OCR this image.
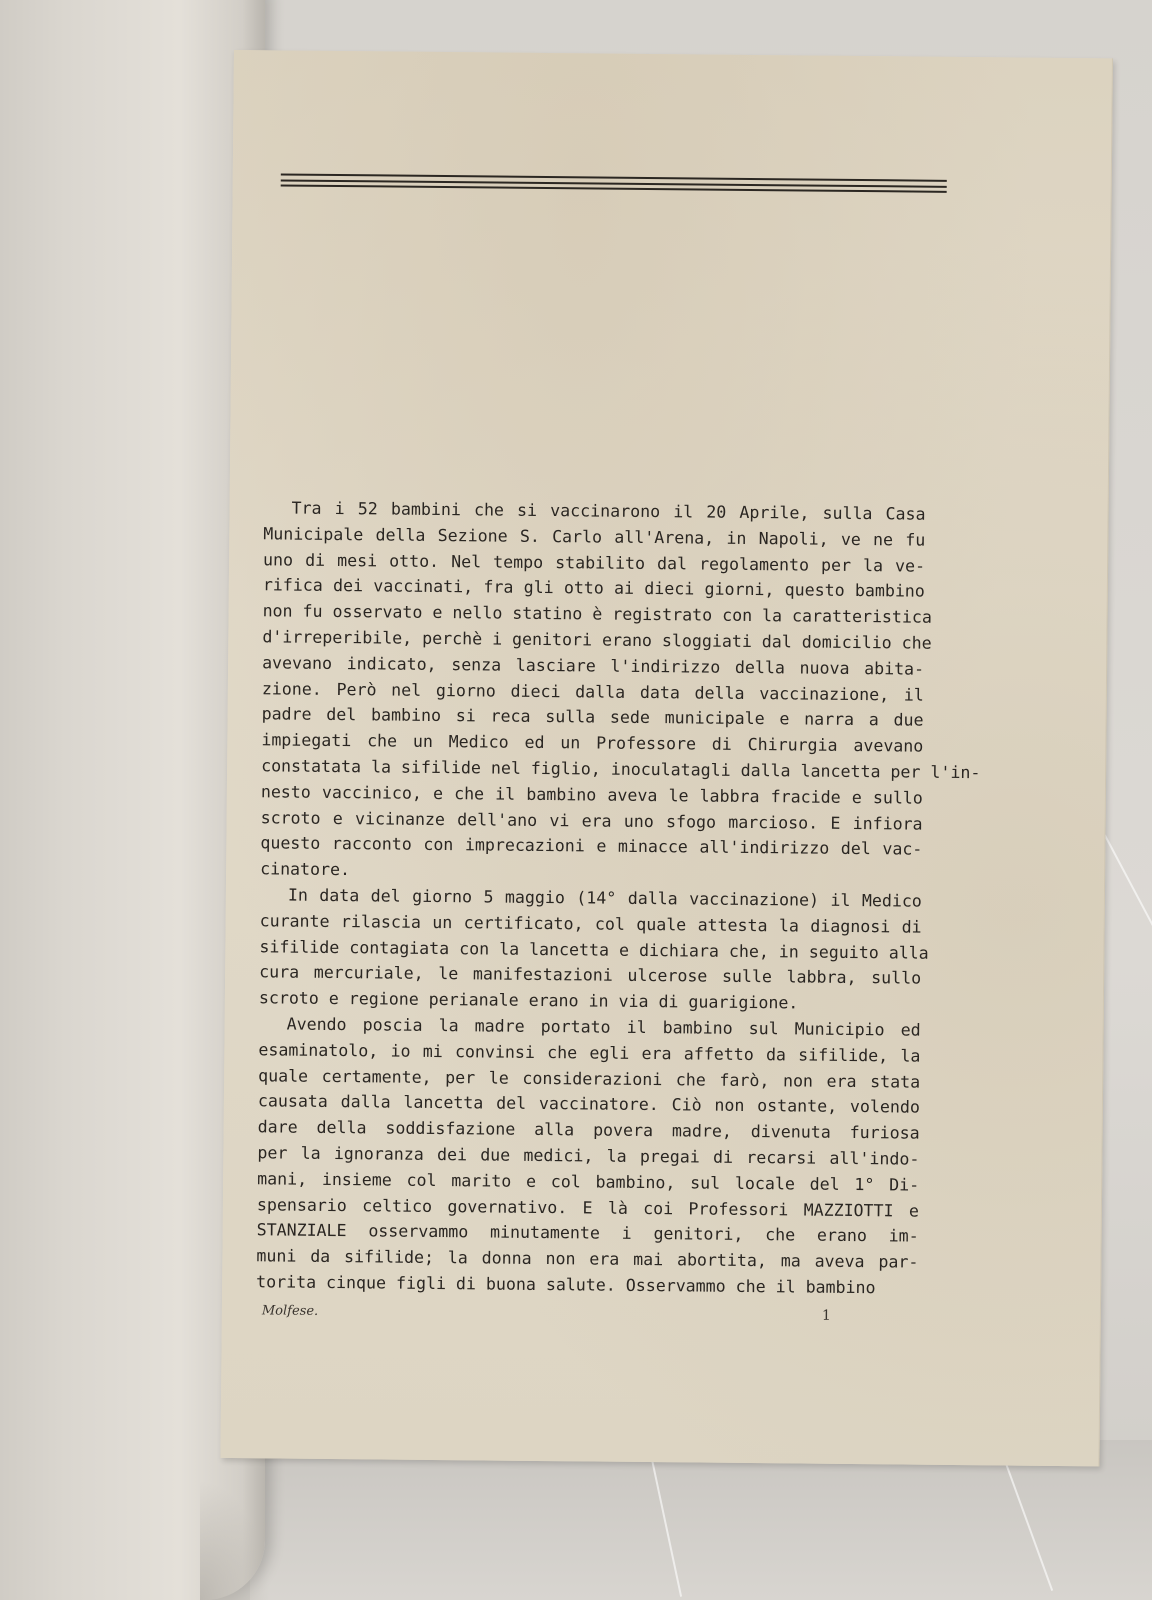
Tra i 52 bambini che si vaccinarono il 20 Aprile, sulla Casa
Municipale della Sezione S. Carlo all'Arena, in Napoli, ve ne fu
uno di mesi otto. Nel tempo stabilito dal regolamento per la ve-
rifica dei vaccinati, fra gli otto ai dieci giorni, questo bambino
non fu osservato e nello statino è registrato con la caratteristica
d'irreperibile, perchè i genitori erano sloggiati dal domicilio che
avevano indicato, senza lasciare l'indirizzo della nuova abita-
zione. Però nel giorno dieci dalla data della vaccinazione, il
padre del bambino si reca sulla sede municipale e narra a due
impiegati che un Medico ed un Professore di Chirurgia avevano
constatata la sifilide nel figlio, inoculatagli dalla lancetta per l'in-
nesto vaccinico, e che il bambino aveva le labbra fracide e sullo
scroto e vicinanze dell'ano vi era uno sfogo marcioso. E infiora
questo racconto con imprecazioni e minacce all'indirizzo del vac-
cinatore.
In data del giorno 5 maggio (14° dalla vaccinazione) il Medico
curante rilascia un certificato, col quale attesta la diagnosi di
sifilide contagiata con la lancetta e dichiara che, in seguito alla
cura mercuriale, le manifestazioni ulcerose sulle labbra, sullo
scroto e regione perianale erano in via di guarigione.
Avendo poscia la madre portato il bambino sul Municipio ed
esaminatolo, io mi convinsi che egli era affetto da sifilide, la
quale certamente, per le considerazioni che farò, non era stata
causata dalla lancetta del vaccinatore. Ciò non ostante, volendo
dare della soddisfazione alla povera madre, divenuta furiosa
per la ignoranza dei due medici, la pregai di recarsi all'indo-
mani, insieme col marito e col bambino, sul locale del 1° Di-
spensario celtico governativo. E là coi Professori MAZZIOTTI e
STANZIALE osservammo minutamente i genitori, che erano im-
muni da sifilide; la donna non era mai abortita, ma aveva par-
torita cinque figli di buona salute. Osservammo che il bambino
Molfese.	1
